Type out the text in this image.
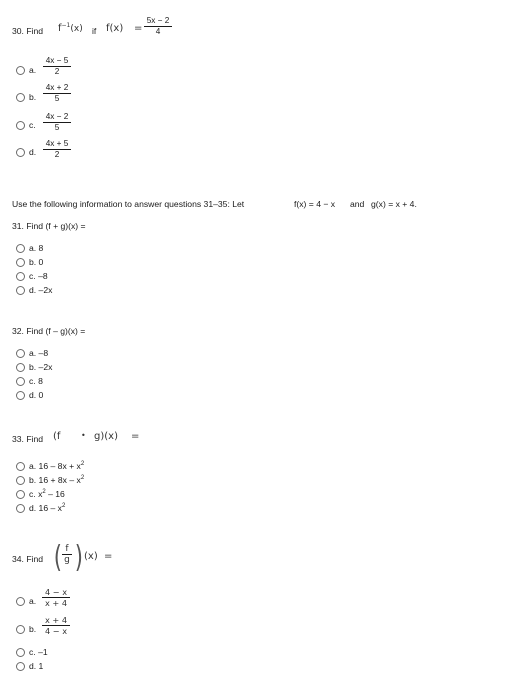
30. Find $f^{-1}(x)$ if f(x) =
5x − 2
4
a.
4x − 5
2
b.
4x + 2
5
c.
4x − 2
5
d.
4x + 5
2
Use the following information to answer questions 31–35: Let	f(x) = 4 − x and g(x) = x + 4.
31. Find (f + g)(x) =
a. 8
b. 0
c. –8
d. –2x
32. Find (f – g)(x) =
a. –8
b. –2x
c. 8
d. 0
33. Find (f	• g)(x) =
a. $16 - 8x + x^2$
b. $16 + 8x - x^2$
c. $x^2 - 16$
d. $16 - x^2$
34. Find ( f
g ) (x) =
a.
4 − x
x + 4
b.
x + 4
4 − x
c. –1
d. 1
